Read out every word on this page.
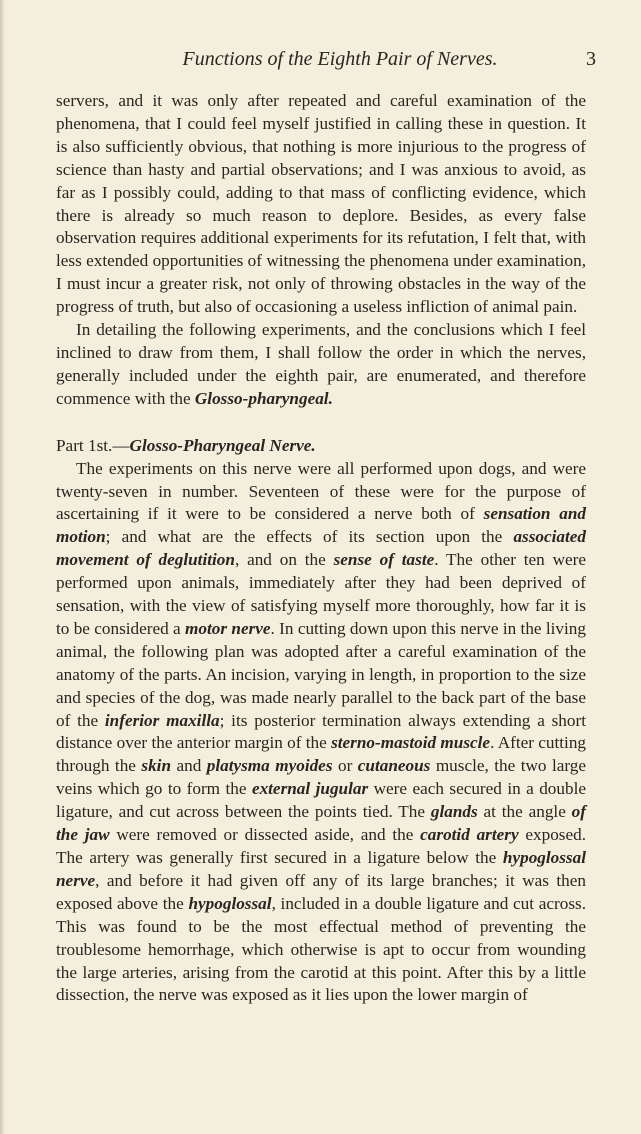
Functions of the Eighth Pair of Nerves.	3

servers, and it was only after repeated and careful examination of the phenomena, that I could feel myself justified in calling these in question. It is also sufficiently obvious, that nothing is more injurious to the progress of science than hasty and partial observations; and I was anxious to avoid, as far as I possibly could, adding to that mass of conflicting evidence, which there is already so much reason to deplore. Besides, as every false observation requires additional experiments for its refutation, I felt that, with less extended opportunities of witnessing the phenomena under examination, I must incur a greater risk, not only of throwing obstacles in the way of the progress of truth, but also of occasioning a useless infliction of animal pain.

In detailing the following experiments, and the conclusions which I feel inclined to draw from them, I shall follow the order in which the nerves, generally included under the eighth pair, are enumerated, and therefore commence with the Glosso-pharyngeal.

Part 1st.—Glosso-Pharyngeal Nerve.

The experiments on this nerve were all performed upon dogs, and were twenty-seven in number. Seventeen of these were for the purpose of ascertaining if it were to be considered a nerve both of sensation and motion; and what are the effects of its section upon the associated movement of deglutition, and on the sense of taste. The other ten were performed upon animals, immediately after they had been deprived of sensation, with the view of satisfying myself more thoroughly, how far it is to be considered a motor nerve. In cutting down upon this nerve in the living animal, the following plan was adopted after a careful examination of the anatomy of the parts. An incision, varying in length, in proportion to the size and species of the dog, was made nearly parallel to the back part of the base of the inferior maxilla; its posterior termination always extending a short distance over the anterior margin of the sterno-mastoid muscle. After cutting through the skin and platysma myoides or cutaneous muscle, the two large veins which go to form the external jugular were each secured in a double ligature, and cut across between the points tied. The glands at the angle of the jaw were removed or dissected aside, and the carotid artery exposed. The artery was generally first secured in a ligature below the hypoglossal nerve, and before it had given off any of its large branches; it was then exposed above the hypoglossal, included in a double ligature and cut across. This was found to be the most effectual method of preventing the troublesome hemorrhage, which otherwise is apt to occur from wounding the large arteries, arising from the carotid at this point. After this by a little dissection, the nerve was exposed as it lies upon the lower margin of
